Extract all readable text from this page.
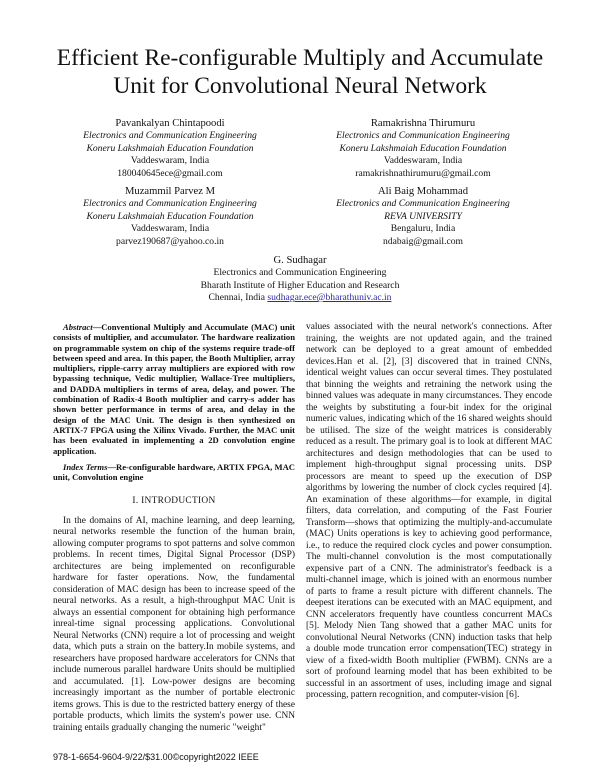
Efficient Re-configurable Multiply and Accumulate
Unit for Convolutional Neural Network
Pavankalyan Chintapoodi
Electronics and Communication Engineering
Koneru Lakshmaiah Education Foundation
Vaddeswaram, India
180040645ece@gmail.com
Ramakrishna Thirumuru
Electronics and Communication Engineering
Koneru Lakshmaiah Education Foundation
Vaddeswaram, India
ramakrishnathirumuru@gmail.com
Muzammil Parvez M
Electronics and Communication Engineering
Koneru Lakshmaiah Education Foundation
Vaddeswaram, India
parvez190687@yahoo.co.in
Ali Baig Mohammad
Electronics and Communication Engineering
REVA UNIVERSITY
Bengaluru, India
ndabaig@gmail.com
G. Sudhagar
Electronics and Communication Engineering
Bharath Institute of Higher Education and Research
Chennai, India sudhagar.ece@bharathuniv.ac.in

Abstract—Conventional Multiply and Accumulate (MAC) unit consists of multiplier, and accumulator. The hardware realization on programmable system on chip of the systems require trade-off between speed and area. In this paper, the Booth Multiplier, array multipliers, ripple-carry array multipliers are expiored with row bypassing technique, Vedic multiplier, Wallace-Tree multipliers, and DADDA multipliers in terms of area, delay, and power. The combination of Radix-4 Booth multiplier and carry-s adder has shown better performance in terms of area, and delay in the design of the MAC Unit. The design is then synthesized on ARTIX-7 FPGA using the Xilinx Vivado. Further, the MAC unit has been evaluated in implementing a 2D convolution engine application.

Index Terms—Re-configurable hardware, ARTIX FPGA, MAC unit, Convolution engine

I. INTRODUCTION

In the domains of AI, machine learning, and deep learning, neural networks resemble the function of the human brain, allowing computer programs to spot patterns and solve common problems. In recent times, Digital Signal Processor (DSP) architectures are being implemented on reconfigurable hardware for faster operations. Now, the fundamental consideration of MAC design has been to increase speed of the neural networks. As a result, a high-throughput MAC Unit is always an essential component for obtaining high performance inreal-time signal processing applications. Convolutional Neural Networks (CNN) require a lot of processing and weight data, which puts a strain on the battery.In mobile systems, and researchers have proposed hardware accelerators for CNNs that include numerous parallel hardware Units should be multiplied and accumulated. [1]. Low-power designs are becoming increasingly important as the number of portable electronic items grows. This is due to the restricted battery energy of these portable products, which limits the system's power use. CNN training entails gradually changing the numeric "weight"

values associated with the neural network's connections. After training, the weights are not updated again, and the trained network can be deployed to a great amount of embedded devices.Han et al. [2], [3] discovered that in trained CNNs, identical weight values can occur several times. They postulated that binning the weights and retraining the network using the binned values was adequate in many circumstances. They encode the weights by substituting a four-bit index for the original numeric values, indicating which of the 16 shared weights should be utilised. The size of the weight matrices is considerably reduced as a result. The primary goal is to look at different MAC architectures and design methodologies that can be used to implement high-throughput signal processing units. DSP processors are meant to speed up the execution of DSP algorithms by lowering the number of clock cycles required [4]. An examination of these algorithms—for example, in digital filters, data correlation, and computing of the Fast Fourier Transform—shows that optimizing the multiply-and-accumulate (MAC) Units operations is key to achieving good performance, i.e., to reduce the required clock cycles and power consumption. The multi-channel convolution is the most computationally expensive part of a CNN. The administrator's feedback is a multi-channel image, which is joined with an enormous number of parts to frame a result picture with different channels. The deepest iterations can be executed with an MAC equipment, and CNN accelerators frequently have countless concurrent MACs [5]. Melody Nien Tang showed that a gather MAC units for convolutional Neural Networks (CNN) induction tasks that help a double mode truncation error compensation(TEC) strategy in view of a fixed-width Booth multiplier (FWBM). CNNs are a sort of profound learning model that has been exhibited to be successful in an assortment of uses, including image and signal processing, pattern recognition, and computer-vision [6].

978-1-6654-9604-9/22/$31.00©copyright2022 IEEE
